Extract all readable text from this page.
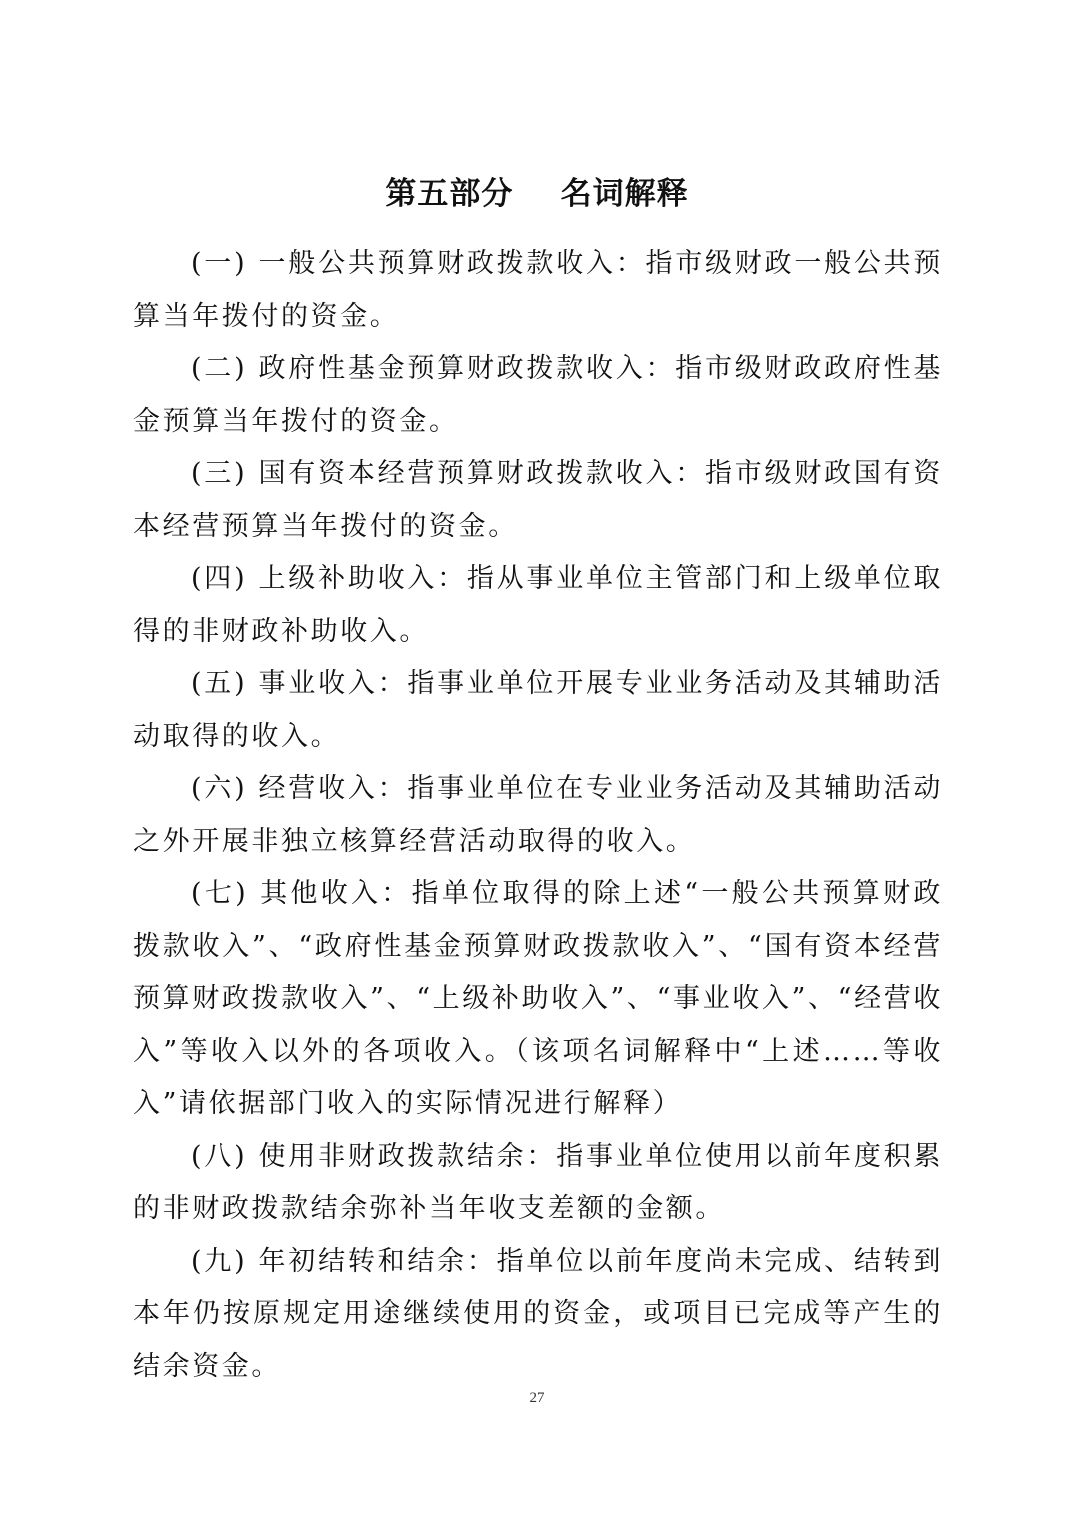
第五部分    名词解释

(一) 一般公共预算财政拨款收入：指市级财政一般公共预算当年拨付的资金。

(二) 政府性基金预算财政拨款收入：指市级财政政府性基金预算当年拨付的资金。

(三) 国有资本经营预算财政拨款收入：指市级财政国有资本经营预算当年拨付的资金。

(四) 上级补助收入：指从事业单位主管部门和上级单位取得的非财政补助收入。

(五) 事业收入：指事业单位开展专业业务活动及其辅助活动取得的收入。

(六) 经营收入：指事业单位在专业业务活动及其辅助活动之外开展非独立核算经营活动取得的收入。

(七) 其他收入：指单位取得的除上述“一般公共预算财政拨款收入”、“政府性基金预算财政拨款收入”、“国有资本经营预算财政拨款收入”、“上级补助收入”、“事业收入”、“经营收入”等收入以外的各项收入。（该项名词解释中“上述……等收入”请依据部门收入的实际情况进行解释）

(八) 使用非财政拨款结余：指事业单位使用以前年度积累的非财政拨款结余弥补当年收支差额的金额。

(九) 年初结转和结余：指单位以前年度尚未完成、结转到本年仍按原规定用途继续使用的资金，或项目已完成等产生的结余资金。

27
